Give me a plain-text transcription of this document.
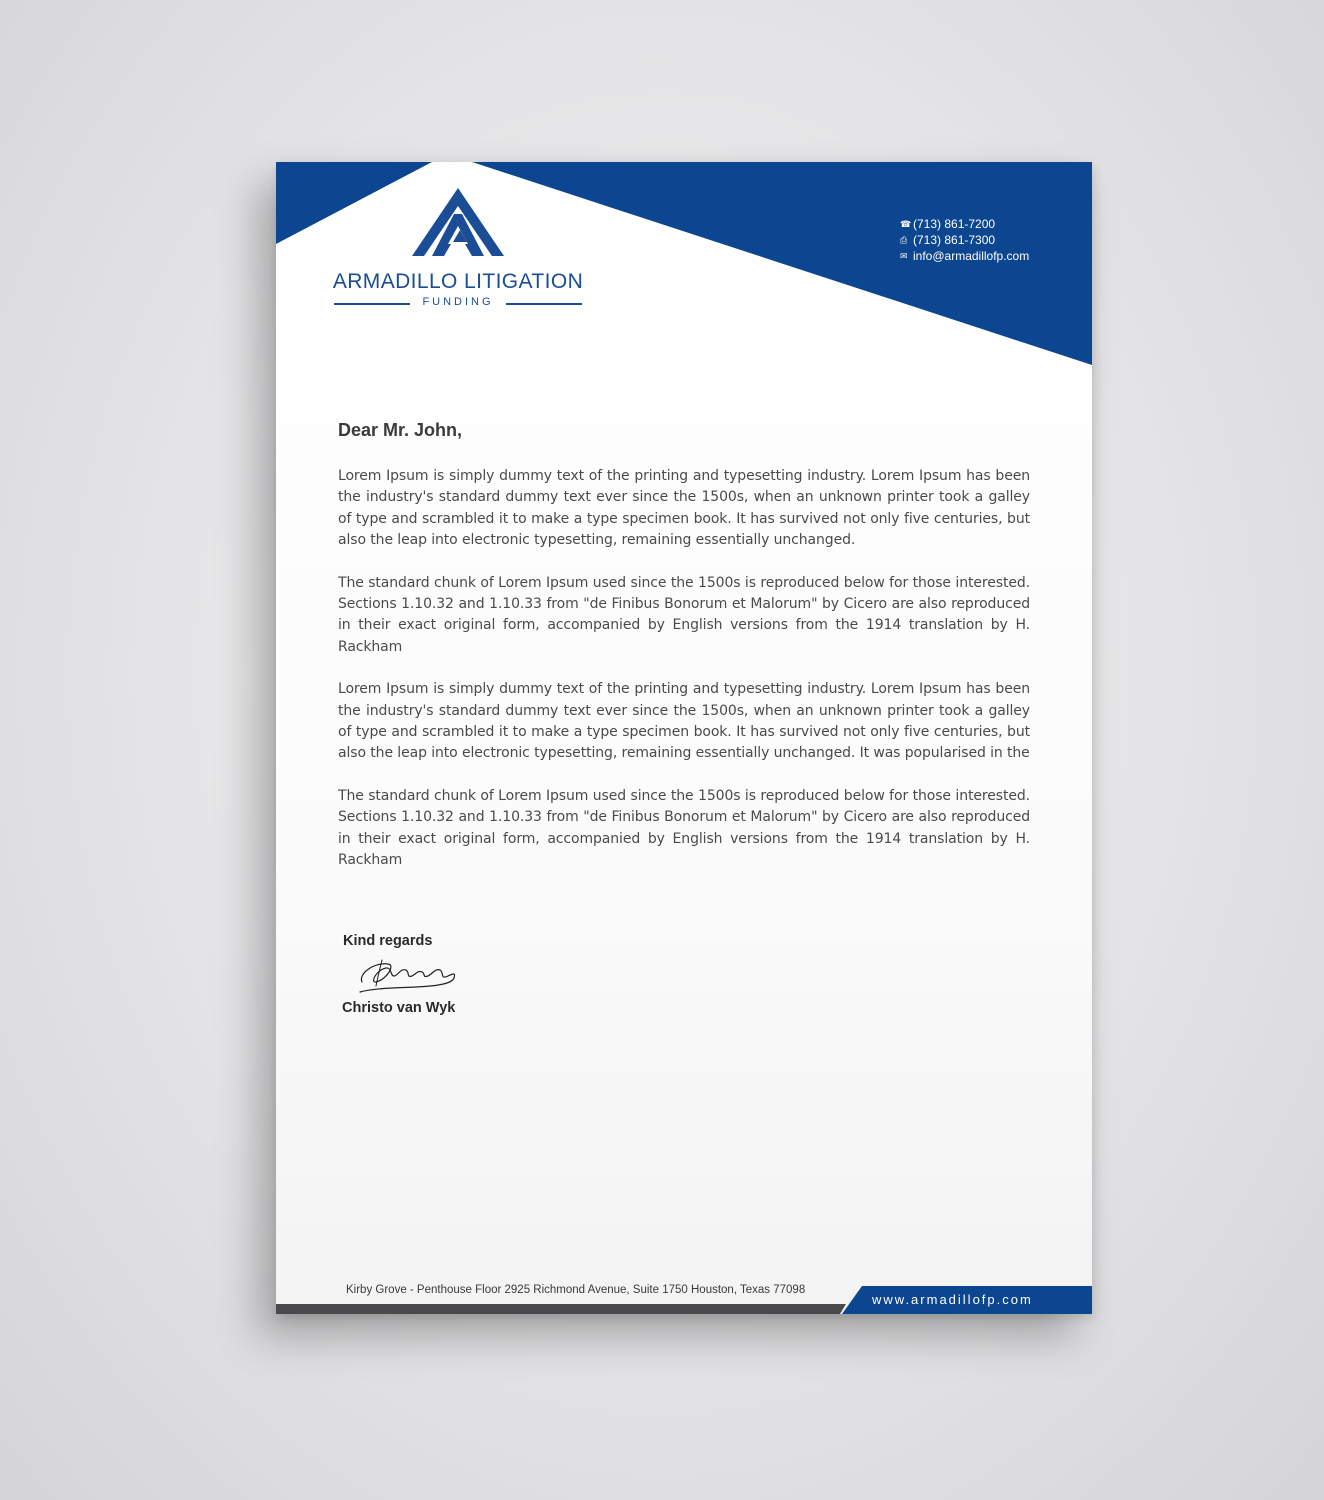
ARMADILLO LITIGATION
FUNDING
☎ (713) 861-7200
⎙ (713) 861-7300
✉ info@armadillofp.com
Dear Mr. John,

Lorem Ipsum is simply dummy text of the printing and typesetting industry. Lorem Ipsum has been the industry's standard dummy text ever since the 1500s, when an unknown printer took a galley of type and scrambled it to make a type specimen book. It has survived not only five centuries, but also the leap into electronic typesetting, remaining essentially unchanged.

The standard chunk of Lorem Ipsum used since the 1500s is reproduced below for those interested. Sections 1.10.32 and 1.10.33 from "de Finibus Bonorum et Malorum" by Cicero are also reproduced in their exact original form, accompanied by English versions from the 1914 translation by H. Rackham

Lorem Ipsum is simply dummy text of the printing and typesetting industry. Lorem Ipsum has been the industry's standard dummy text ever since the 1500s, when an unknown printer took a galley of type and scrambled it to make a type specimen book. It has survived not only five centuries, but also the leap into electronic typesetting, remaining essentially unchanged. It was popularised in the

The standard chunk of Lorem Ipsum used since the 1500s is reproduced below for those interested. Sections 1.10.32 and 1.10.33 from "de Finibus Bonorum et Malorum" by Cicero are also reproduced in their exact original form, accompanied by English versions from the 1914 translation by H. Rackham

Kind regards
Christo van Wyk
Kirby Grove - Penthouse Floor 2925 Richmond Avenue, Suite 1750 Houston, Texas 77098
www.armadillofp.com
